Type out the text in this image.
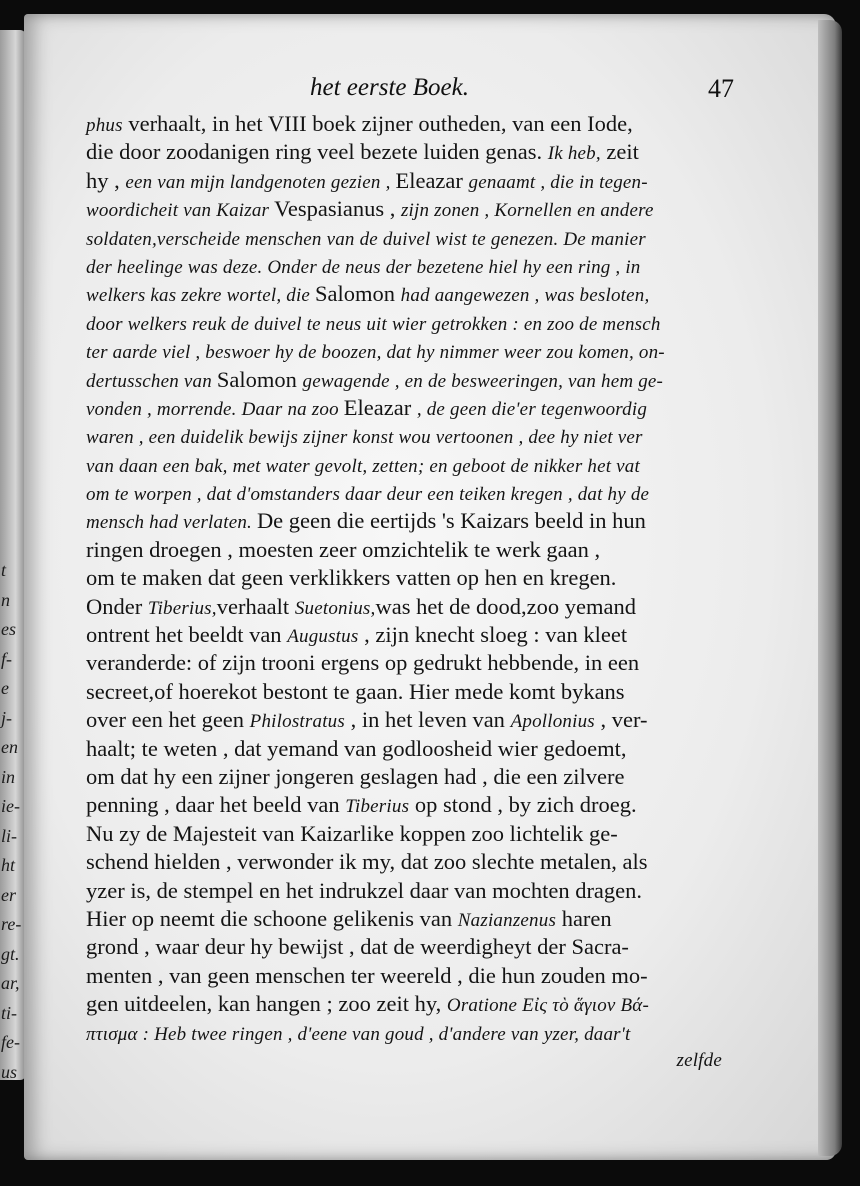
het eerste Boek.	47
phus verhaalt, in het VIII boek zijner outheden, van een Iode,
die door zoodanigen ring veel bezete luiden genas. Ik heb, zeit
hy , een van mijn landgenoten gezien , Eleazar genaamt , die in tegen-
woordicheit van Kaizar Vespasianus , zijn zonen , Kornellen en andere
soldaten,verscheide menschen van de duivel wist te genezen. De manier
der heelinge was deze. Onder de neus der bezetene hiel hy een ring , in
welkers kas zekre wortel, die Salomon had aangewezen , was besloten,
door welkers reuk de duivel te neus uit wier getrokken : en zoo de mensch
ter aarde viel , beswoer hy de boozen, dat hy nimmer weer zou komen, on-
dertusschen van Salomon gewagende , en de besweeringen, van hem ge-
vonden , morrende. Daar na zoo Eleazar , de geen die'er tegenwoordig
waren , een duidelik bewijs zijner konst wou vertoonen , dee hy niet ver
van daan een bak, met water gevolt, zetten; en geboot de nikker het vat
om te worpen , dat d'omstanders daar deur een teiken kregen , dat hy de
mensch had verlaten. De geen die eertijds 's Kaizars beeld in hun
ringen droegen , moesten zeer omzichtelik te werk gaan ,
om te maken dat geen verklikkers vatten op hen en kregen.
Onder Tiberius,verhaalt Suetonius,was het de dood,zoo yemand
ontrent het beeldt van Augustus , zijn knecht sloeg : van kleet
veranderde: of zijn trooni ergens op gedrukt hebbende, in een
secreet,of hoerekot bestont te gaan. Hier mede komt bykans
over een het geen Philostratus , in het leven van Apollonius , ver-
haalt; te weten , dat yemand van godloosheid wier gedoemt,
om dat hy een zijner jongeren geslagen had , die een zilvere
penning , daar het beeld van Tiberius op stond , by zich droeg.
Nu zy de Majesteit van Kaizarlike koppen zoo lichtelik ge-
schend hielden , verwonder ik my, dat zoo slechte metalen, als
yzer is, de stempel en het indrukzel daar van mochten dragen.
Hier op neemt die schoone gelikenis van Nazianzenus haren
grond , waar deur hy bewijst , dat de weerdigheyt der Sacra-
menten , van geen menschen ter weereld , die hun zouden mo-
gen uitdeelen, kan hangen ; zoo zeit hy, Oratione Εἰς τὸ ἅγιον Βά-
πτισμα : Heb twee ringen , d'eene van goud , d'andere van yzer, daar't
zelfde
t
n
es
f-
e
j-
en
in
ie-
li-
ht
er
re-
gt.
ar,
ti-
fe-
us
